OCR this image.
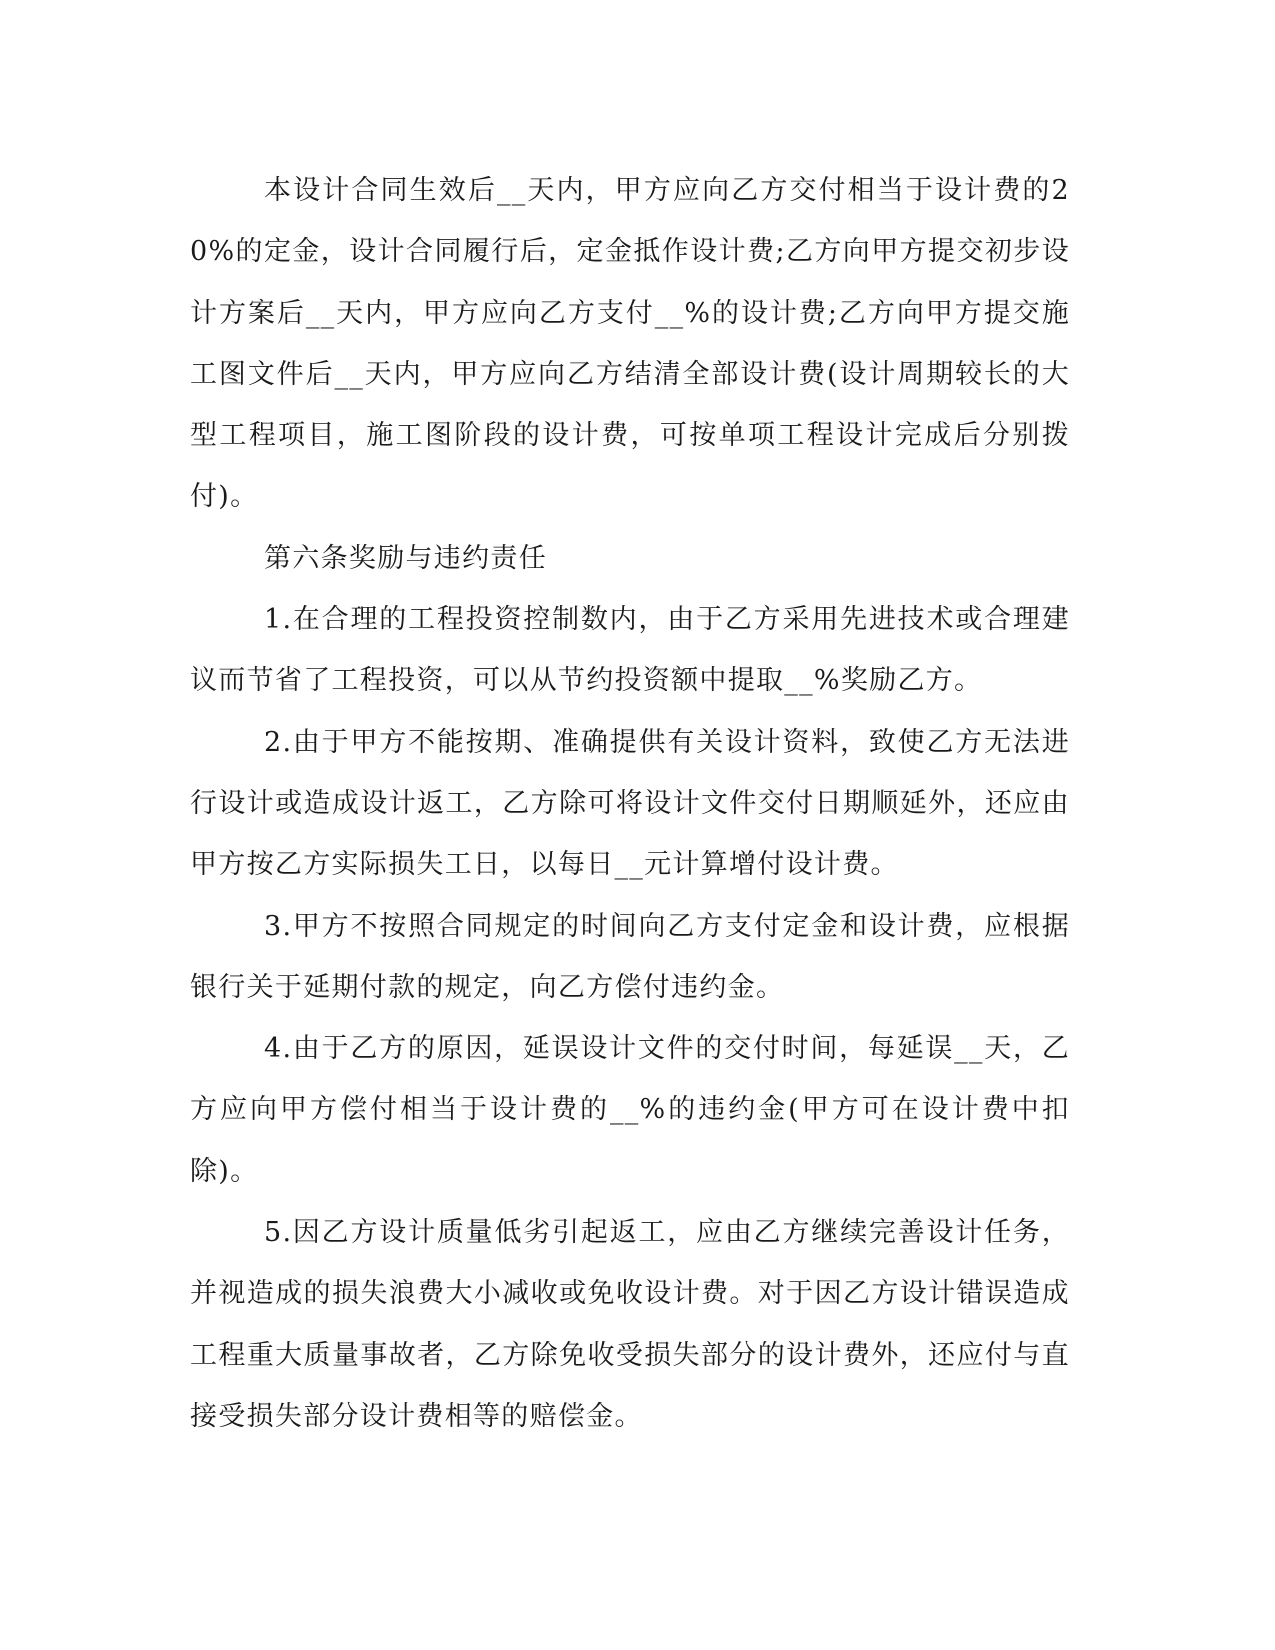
本设计合同生效后__天内，甲方应向乙方交付相当于设计费的20%的定金，设计合同履行后，定金抵作设计费;乙方向甲方提交初步设计方案后__天内，甲方应向乙方支付__%的设计费;乙方向甲方提交施工图文件后__天内，甲方应向乙方结清全部设计费(设计周期较长的大型工程项目，施工图阶段的设计费，可按单项工程设计完成后分别拨付)。

第六条奖励与违约责任

1.在合理的工程投资控制数内，由于乙方采用先进技术或合理建议而节省了工程投资，可以从节约投资额中提取__%奖励乙方。

2.由于甲方不能按期、准确提供有关设计资料，致使乙方无法进行设计或造成设计返工，乙方除可将设计文件交付日期顺延外，还应由甲方按乙方实际损失工日，以每日__元计算增付设计费。

3.甲方不按照合同规定的时间向乙方支付定金和设计费，应根据银行关于延期付款的规定，向乙方偿付违约金。

4.由于乙方的原因，延误设计文件的交付时间，每延误__天，乙方应向甲方偿付相当于设计费的__%的违约金(甲方可在设计费中扣除)。

5.因乙方设计质量低劣引起返工，应由乙方继续完善设计任务，并视造成的损失浪费大小减收或免收设计费。对于因乙方设计错误造成工程重大质量事故者，乙方除免收受损失部分的设计费外，还应付与直接受损失部分设计费相等的赔偿金。
